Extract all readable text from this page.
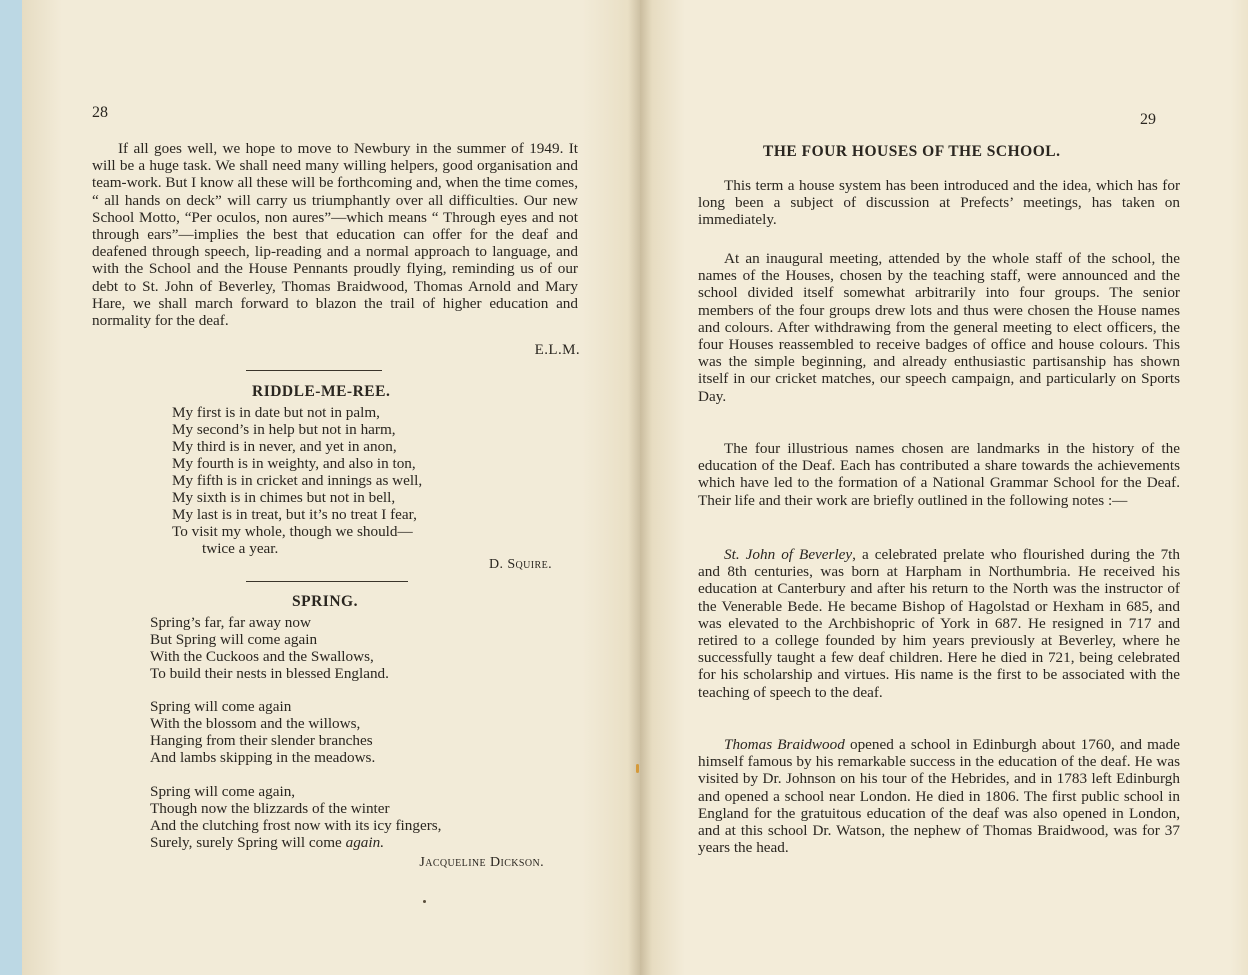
28

If all goes well, we hope to move to Newbury in the summer of 1949. It will be a huge task. We shall need many willing helpers, good organisation and team-work. But I know all these will be forthcoming and, when the time comes, “ all hands on deck” will carry us triumphantly over all difficulties. Our new School Motto, “Per oculos, non aures”—which means “ Through eyes and not through ears”—implies the best that education can offer for the deaf and deafened through speech, lip-reading and a normal approach to language, and with the School and the House Pennants proudly flying, reminding us of our debt to St. John of Beverley, Thomas Braidwood, Thomas Arnold and Mary Hare, we shall march forward to blazon the trail of higher education and normality for the deaf.

E.L.M.
RIDDLE-ME-REE.
My first is in date but not in palm,
My second’s in help but not in harm,
My third is in never, and yet in anon,
My fourth is in weighty, and also in ton,
My fifth is in cricket and innings as well,
My sixth is in chimes but not in bell,
My last is in treat, but it’s no treat I fear,
To visit my whole, though we should—
twice a year.
D. Squire.
SPRING.
Spring’s far, far away now
But Spring will come again
With the Cuckoos and the Swallows,
To build their nests in blessed England.
Spring will come again
With the blossom and the willows,
Hanging from their slender branches
And lambs skipping in the meadows.
Spring will come again,
Though now the blizzards of the winter
And the clutching frost now with its icy fingers,
Surely, surely Spring will come again.
Jacqueline Dickson.
29
THE FOUR HOUSES OF THE SCHOOL.

This term a house system has been introduced and the idea, which has for long been a subject of discussion at Prefects’ meetings, has taken on immediately.

At an inaugural meeting, attended by the whole staff of the school, the names of the Houses, chosen by the teaching staff, were announced and the school divided itself somewhat arbitrarily into four groups. The senior members of the four groups drew lots and thus were chosen the House names and colours. After withdrawing from the general meeting to elect officers, the four Houses reassembled to receive badges of office and house colours. This was the simple beginning, and already enthusiastic partisanship has shown itself in our cricket matches, our speech campaign, and particularly on Sports Day.

The four illustrious names chosen are landmarks in the history of the education of the Deaf. Each has contributed a share towards the achievements which have led to the formation of a National Grammar School for the Deaf. Their life and their work are briefly outlined in the following notes :—

St. John of Beverley, a celebrated prelate who flourished during the 7th and 8th centuries, was born at Harpham in Northumbria. He received his education at Canterbury and after his return to the North was the instructor of the Venerable Bede. He became Bishop of Hagolstad or Hexham in 685, and was elevated to the Archbishopric of York in 687. He resigned in 717 and retired to a college founded by him years previously at Beverley, where he successfully taught a few deaf children. Here he died in 721, being celebrated for his scholarship and virtues. His name is the first to be associated with the teaching of speech to the deaf.

Thomas Braidwood opened a school in Edinburgh about 1760, and made himself famous by his remarkable success in the education of the deaf. He was visited by Dr. Johnson on his tour of the Hebrides, and in 1783 left Edinburgh and opened a school near London. He died in 1806. The first public school in England for the gratuitous education of the deaf was also opened in London, and at this school Dr. Watson, the nephew of Thomas Braidwood, was for 37 years the head.
